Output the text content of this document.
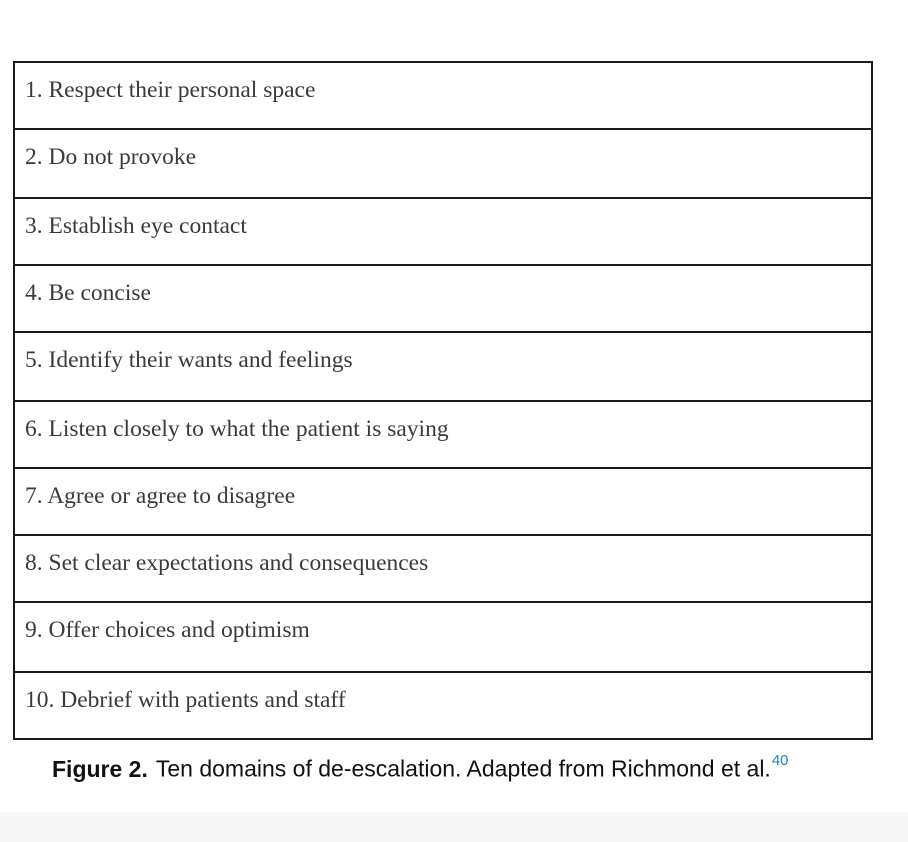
1. Respect their personal space
2. Do not provoke
3. Establish eye contact
4. Be concise
5. Identify their wants and feelings
6. Listen closely to what the patient is saying
7. Agree or agree to disagree
8. Set clear expectations and consequences
9. Offer choices and optimism
10. Debrief with patients and staff
Figure 2. Ten domains of de-escalation. Adapted from Richmond et al.$^{40}$
